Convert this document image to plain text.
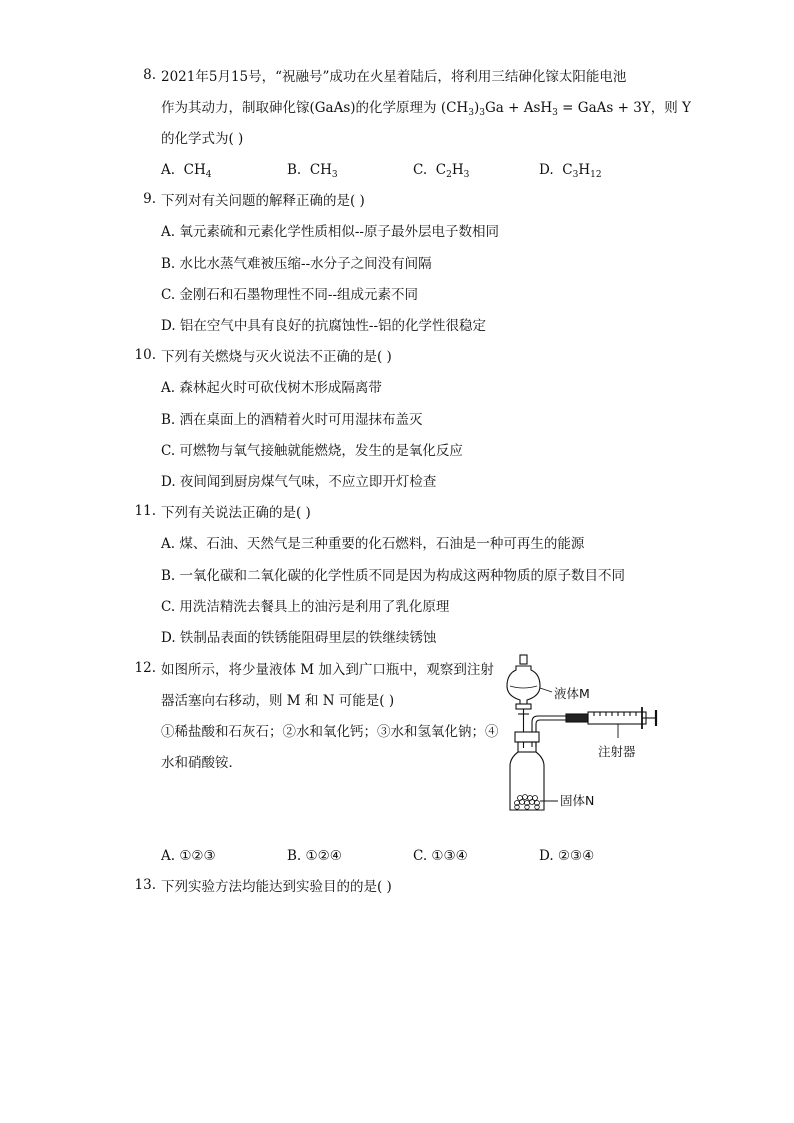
8. 2021年5月15号，“祝融号”成功在火星着陆后，将利用三结砷化镓太阳能电池
作为其动力，制取砷化镓(GaAs)的化学原理为 $(CH_3)_3Ga + AsH_3$ = GaAs + 3Y，则 Y
的化学式为( )
A. $CH_4$	B. $CH_3$	C. $C_2H_3$	D. $C_3H_{12}$
9. 下列对有关问题的解释正确的是( )
A. 氧元素硫和元素化学性质相似--原子最外层电子数相同
B. 水比水蒸气难被压缩--水分子之间没有间隔
C. 金刚石和石墨物理性不同--组成元素不同
D. 铝在空气中具有良好的抗腐蚀性--铝的化学性很稳定
10. 下列有关燃烧与灭火说法不正确的是( )
A. 森林起火时可砍伐树木形成隔离带
B. 洒在桌面上的酒精着火时可用湿抹布盖灭
C. 可燃物与氧气接触就能燃烧，发生的是氧化反应
D. 夜间闻到厨房煤气气味，不应立即开灯检查
11. 下列有关说法正确的是( )
A. 煤、石油、天然气是三种重要的化石燃料，石油是一种可再生的能源
B. 一氧化碳和二氧化碳的化学性质不同是因为构成这两种物质的原子数目不同
C. 用洗洁精洗去餐具上的油污是利用了乳化原理
D. 铁制品表面的铁锈能阻碍里层的铁继续锈蚀
12. 如图所示，将少量液体 M 加入到广口瓶中，观察到注射
器活塞向右移动，则 M 和 N 可能是( )
①稀盐酸和石灰石；②水和氧化钙；③水和氢氧化钠；④
水和硝酸铵．
液体M
注射器
固体N
A. ①②③	B. ①②④	C. ①③④	D. ②③④
13. 下列实验方法均能达到实验目的的是( )
